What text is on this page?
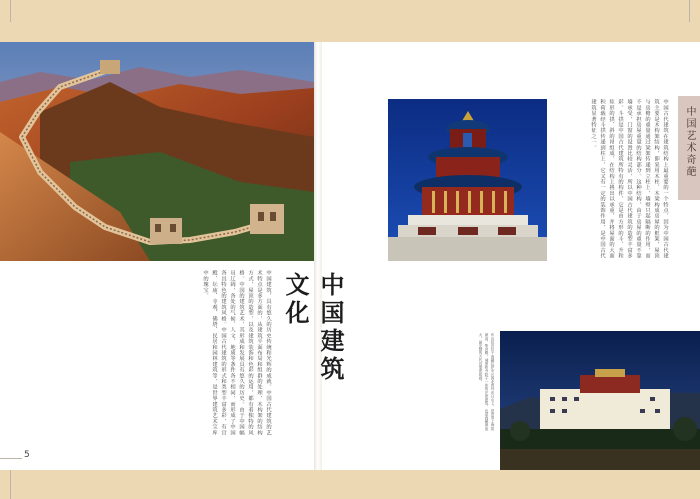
中国建筑文化
中国建筑，具有悠久的历史传统和光辉的成就。中国古代建筑的艺术特点是多方面的，从建筑平面布局和组群的处理，木构架的结构方式，屋顶的造型，以及建筑装饰和色彩的运用，都有着独特的风格。中国的建筑艺术，其形成和发展具有悠久的历史。由于中国幅员辽阔，各处的气候、人文、地质等条件各不相同，而形成了中国各具特色的建筑风格。中国古代建筑的形式和类型丰富多彩，有宫殿、坛庙、寺观、佛塔、民居和园林建筑等，是世界建筑艺术宝库中的瑰宝。
中国古代建筑在建筑结构上最重要的一个特点，因为中国古代建筑主要是木构架结构，即采用木柱、木梁构成房屋的框架，屋顶与房檐的重量通过梁架传递到立柱上，墙壁只起隔断的作用，而不是承担房屋重量的结构部分。这种结构，由于房屋的重量不靠墙承受，门窗的设置比较灵活，所以中国古代建筑的造型丰富多彩。斗拱是中国古代建筑所特有的构件，它是由方形的斗、升和矩形的拱、斜的昂组成，在结构上挑出以承重，并将屋面的大面积荷载经斗拱传递到柱上，它又有一定的装饰作用，是中国古代建筑显著特征之一。
布达拉宫位于西藏拉萨市区西北的玛布日山上，是世界上海拔最高，集宫殿、城堡和寺院于一体的宏伟建筑，也是西藏最庞大、最完整的古代宫堡建筑群。
中国艺术奇葩
5
